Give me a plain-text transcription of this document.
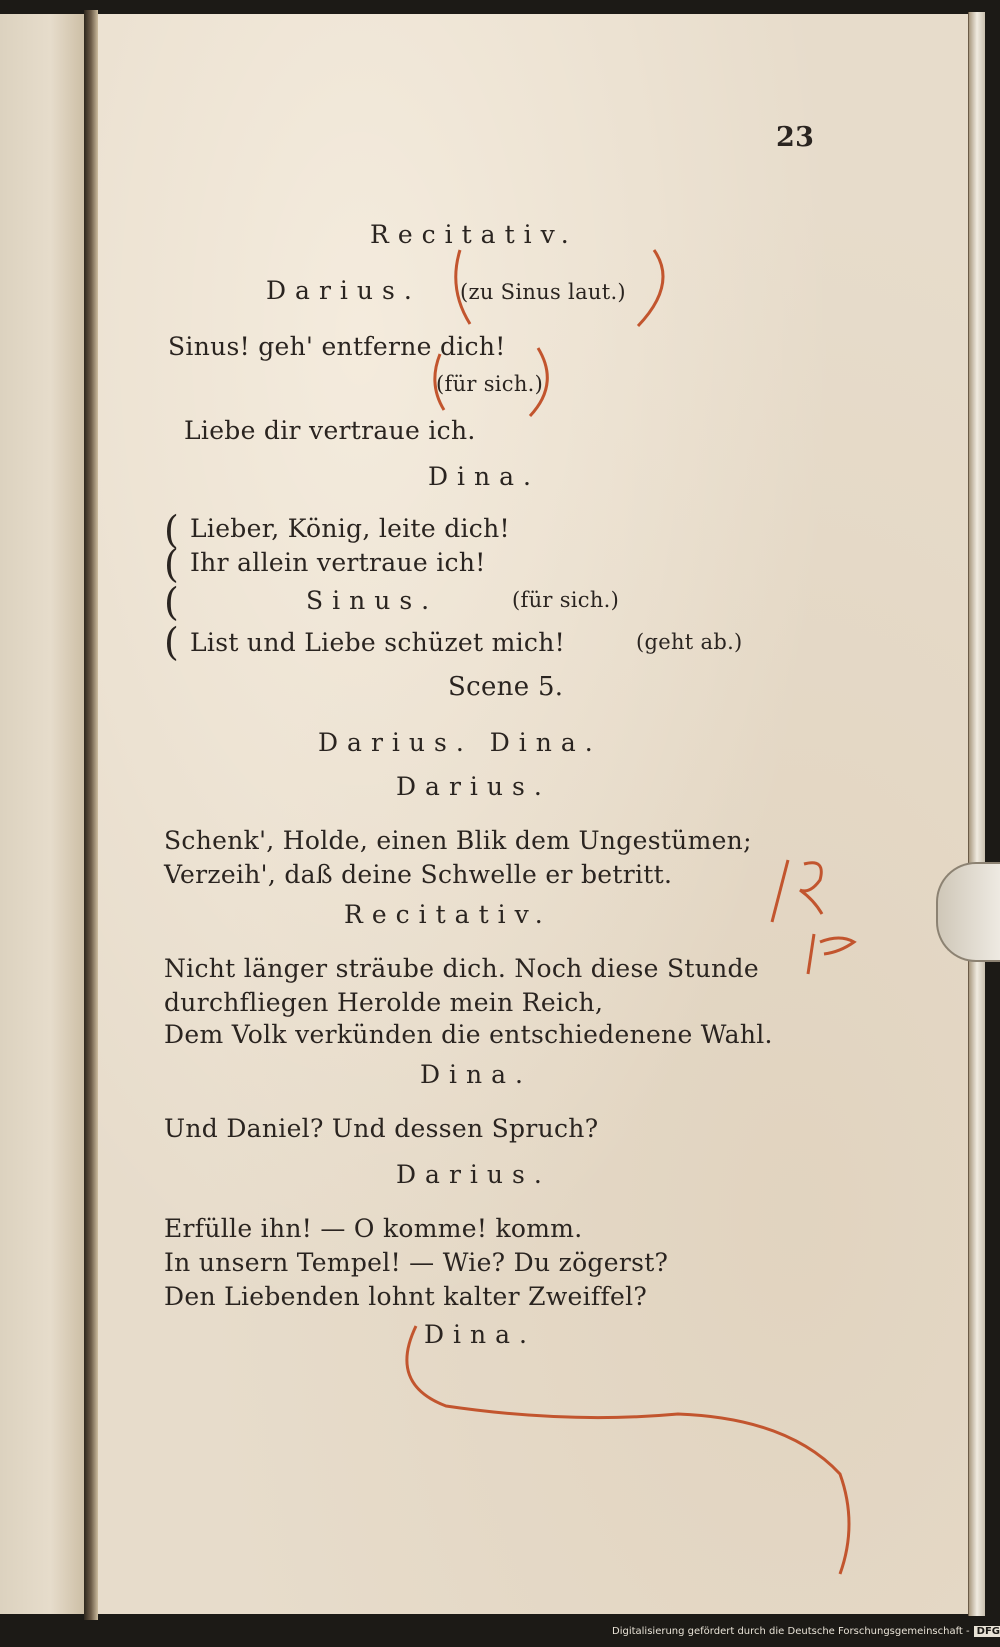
23
Recitativ.
Darius. (zu Sinus laut.)
Sinus! geh' entferne dich!
(für sich.)
Liebe dir vertraue ich.
Dina.
(
(
(
(
Lieber, König, leite dich!
Ihr allein vertraue ich!
Sinus.	(für sich.)
List und Liebe schüzet mich!	(geht ab.)
Scene 5.
Darius. Dina.
Darius.
Schenk', Holde, einen Blik dem Ungestümen;
Verzeih', daß deine Schwelle er betritt.
Recitativ.
Nicht länger sträube dich. Noch diese Stunde
durchfliegen Herolde mein Reich,
Dem Volk verkünden die entschiedenene Wahl.
Dina.
Und Daniel? Und dessen Spruch?
Darius.
Erfülle ihn! — O komme! komm.
In unsern Tempel! — Wie? Du zögerst?
Den Liebenden lohnt kalter Zweiffel?
Dina.
Digitalisierung gefördert durch die Deutsche Forschungsgemeinschaft - DFG
